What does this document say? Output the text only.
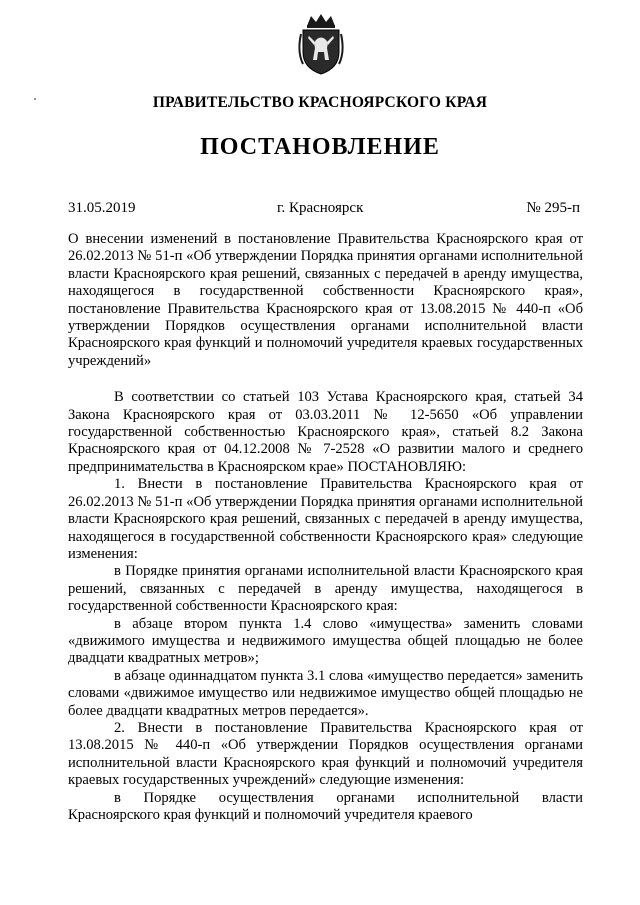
ПРАВИТЕЛЬСТВО КРАСНОЯРСКОГО КРАЯ
ПОСТАНОВЛЕНИЕ
31.05.2019	г. Красноярск	№ 295-п

О внесении изменений в постановление Правительства Красноярского края от 26.02.2013 № 51-п «Об утверждении Порядка принятия органами исполнительной власти Красноярского края решений, связанных с передачей в аренду имущества, находящегося в государственной собственности Красноярского края», постановление Правительства Красноярского края от 13.08.2015 № 440-п «Об утверждении Порядков осуществления органами исполнительной власти Красноярского края функций и полномочий учредителя краевых государственных учреждений»

В соответствии со статьей 103 Устава Красноярского края, статьей 34 Закона Красноярского края от 03.03.2011 № 12-5650 «Об управлении государственной собственностью Красноярского края», статьей 8.2 Закона Красноярского края от 04.12.2008 № 7-2528 «О развитии малого и среднего предпринимательства в Красноярском крае» ПОСТАНОВЛЯЮ:

1. Внести в постановление Правительства Красноярского края от 26.02.2013 № 51-п «Об утверждении Порядка принятия органами исполнительной власти Красноярского края решений, связанных с передачей в аренду имущества, находящегося в государственной собственности Красноярского края» следующие изменения:

в Порядке принятия органами исполнительной власти Красноярского края решений, связанных с передачей в аренду имущества, находящегося в государственной собственности Красноярского края:

в абзаце втором пункта 1.4 слово «имущества» заменить словами «движимого имущества и недвижимого имущества общей площадью не более двадцати квадратных метров»;

в абзаце одиннадцатом пункта 3.1 слова «имущество передается» заменить словами «движимое имущество или недвижимое имущество общей площадью не более двадцати квадратных метров передается».

2. Внести в постановление Правительства Красноярского края от 13.08.2015 № 440-п «Об утверждении Порядков осуществления органами исполнительной власти Красноярского края функций и полномочий учредителя краевых государственных учреждений» следующие изменения:

в Порядке осуществления органами исполнительной власти Красноярского края функций и полномочий учредителя краевого
